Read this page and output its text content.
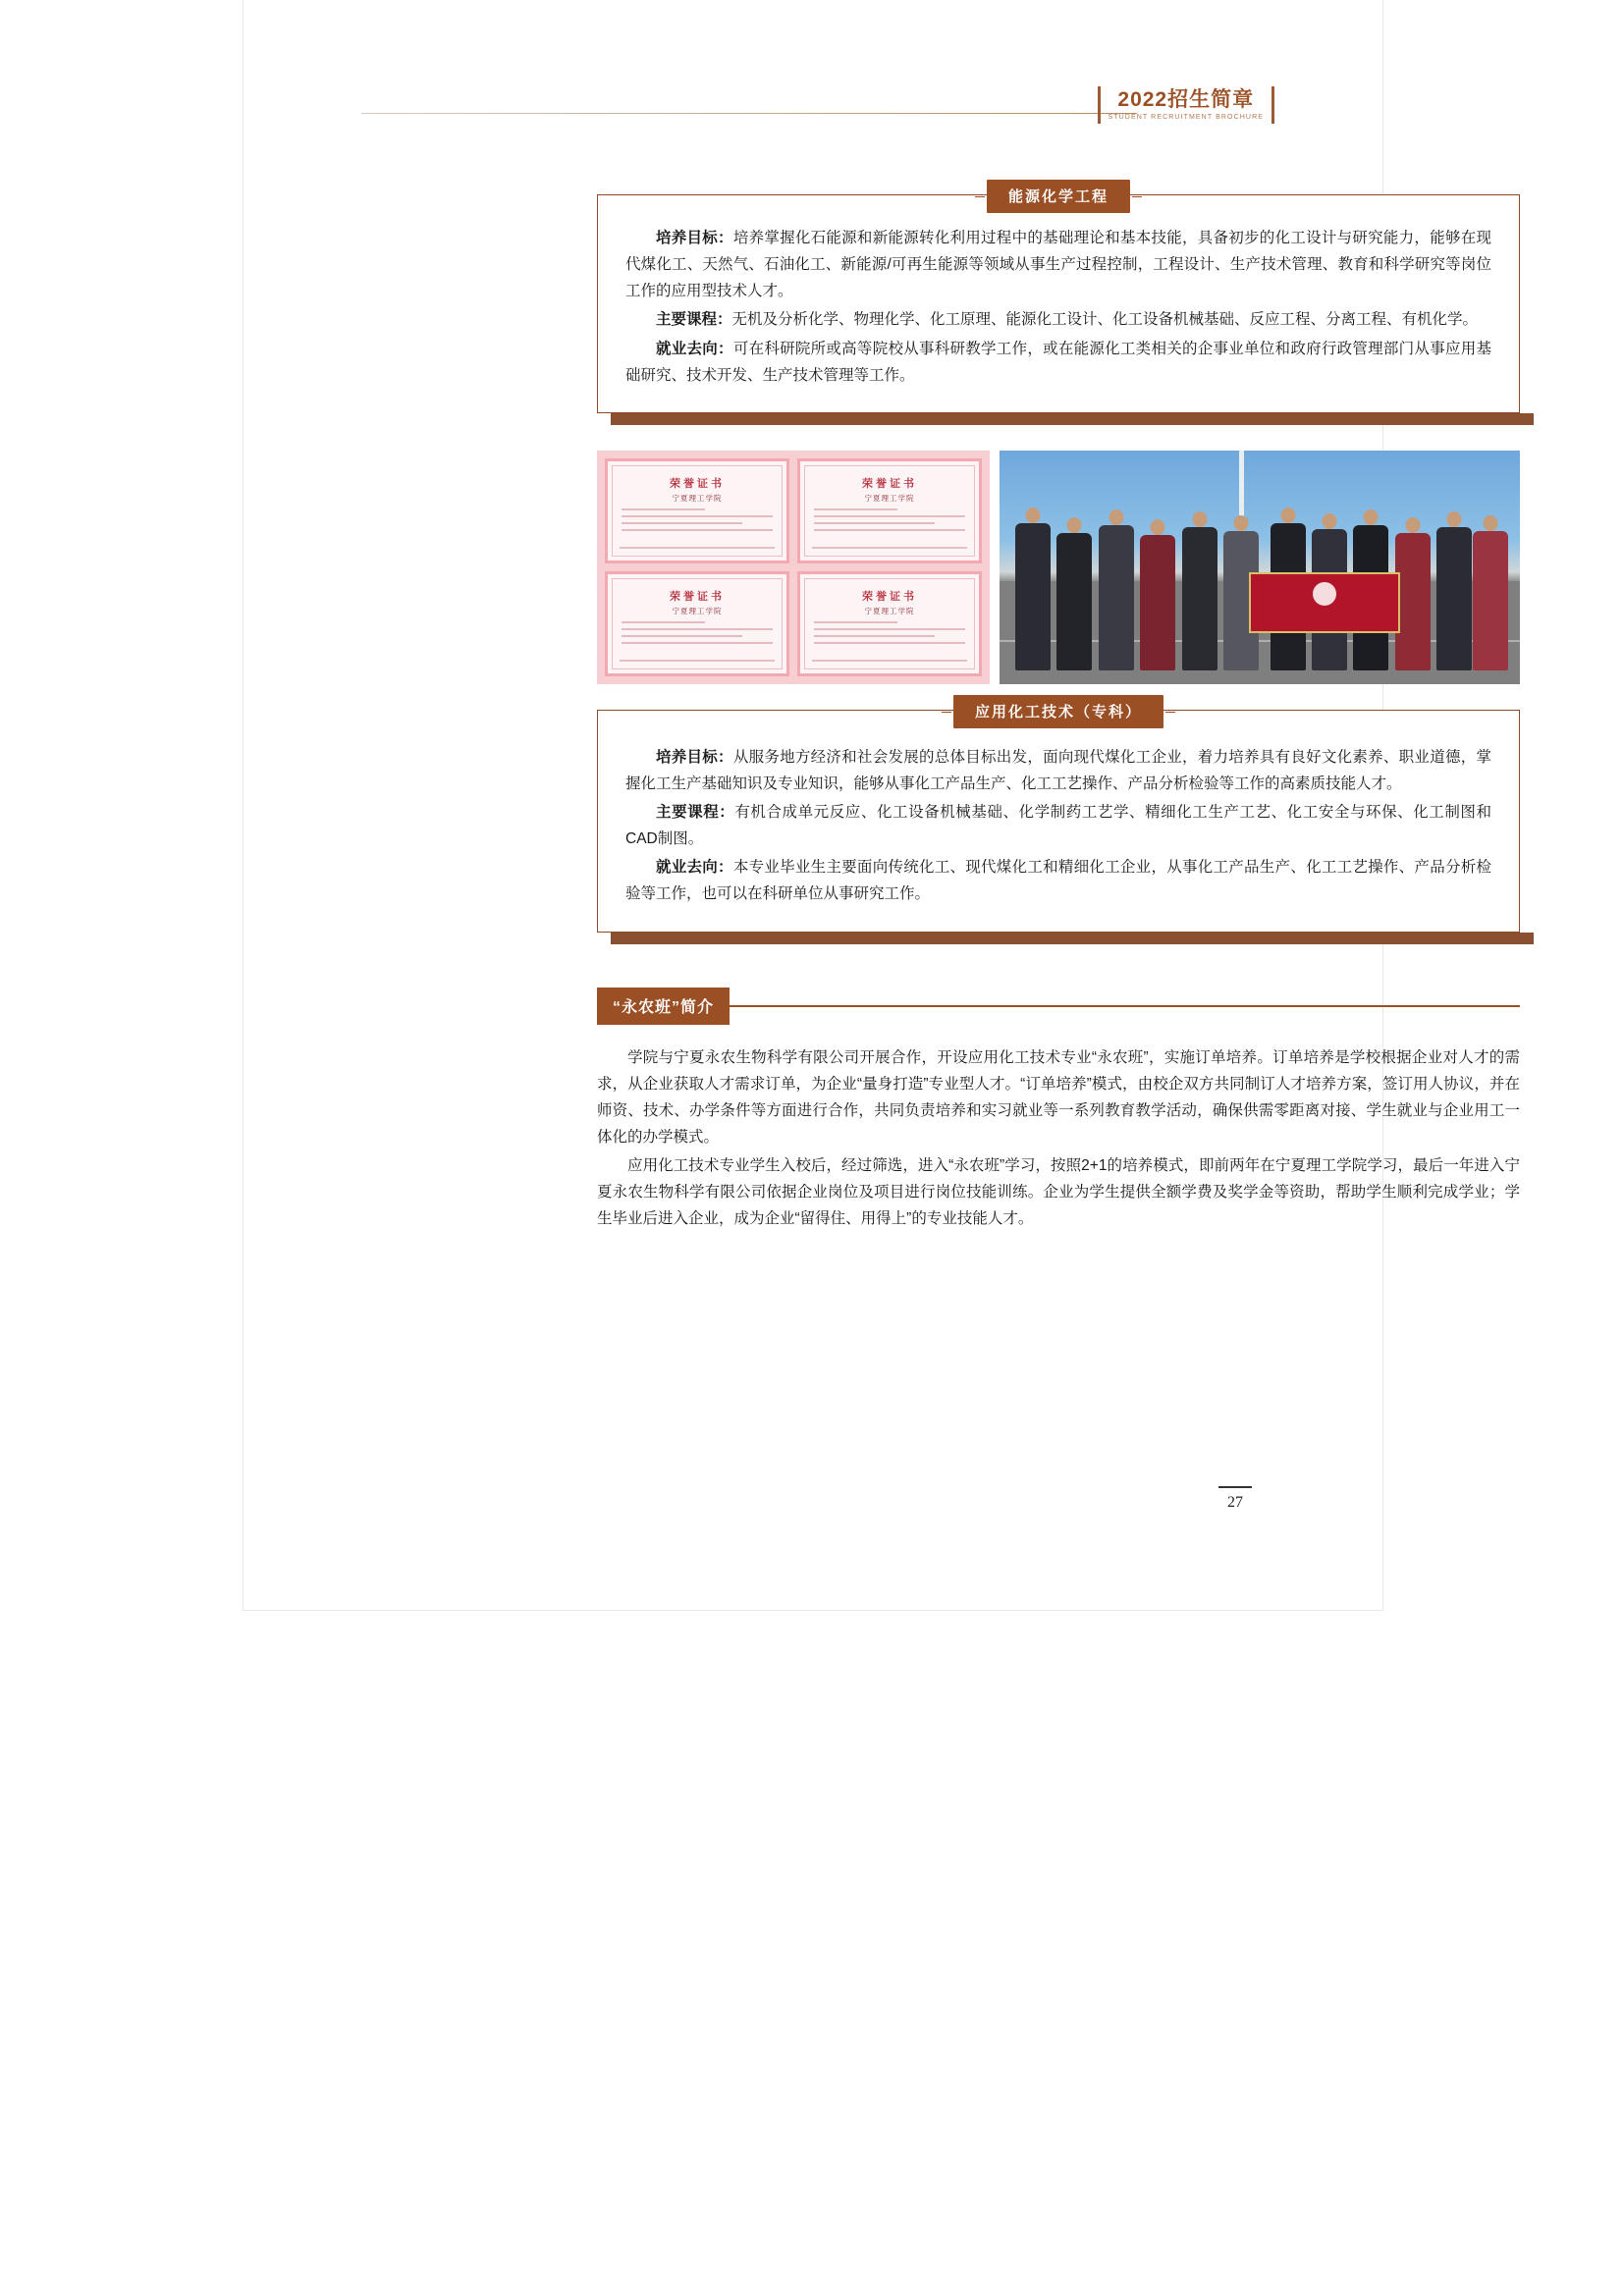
2022招生简章
STUDENT RECRUITMENT BROCHURE
能源化学工程

培养目标：培养掌握化石能源和新能源转化利用过程中的基础理论和基本技能，具备初步的化工设计与研究能力，能够在现代煤化工、天然气、石油化工、新能源/可再生能源等领域从事生产过程控制，工程设计、生产技术管理、教育和科学研究等岗位工作的应用型技术人才。

主要课程：无机及分析化学、物理化学、化工原理、能源化工设计、化工设备机械基础、反应工程、分离工程、有机化学。

就业去向：可在科研院所或高等院校从事科研教学工作，或在能源化工类相关的企事业单位和政府行政管理部门从事应用基础研究、技术开发、生产技术管理等工作。

荣誉证书
宁夏理工学院
荣誉证书
宁夏理工学院
荣誉证书
宁夏理工学院
荣誉证书
宁夏理工学院
应用化工技术（专科）

培养目标：从服务地方经济和社会发展的总体目标出发，面向现代煤化工企业，着力培养具有良好文化素养、职业道德，掌握化工生产基础知识及专业知识，能够从事化工产品生产、化工工艺操作、产品分析检验等工作的高素质技能人才。

主要课程：有机合成单元反应、化工设备机械基础、化学制药工艺学、精细化工生产工艺、化工安全与环保、化工制图和CAD制图。

就业去向：本专业毕业生主要面向传统化工、现代煤化工和精细化工企业，从事化工产品生产、化工工艺操作、产品分析检验等工作，也可以在科研单位从事研究工作。

“永农班”简介

学院与宁夏永农生物科学有限公司开展合作，开设应用化工技术专业“永农班”，实施订单培养。订单培养是学校根据企业对人才的需求，从企业获取人才需求订单，为企业“量身打造”专业型人才。“订单培养”模式，由校企双方共同制订人才培养方案，签订用人协议，并在师资、技术、办学条件等方面进行合作，共同负责培养和实习就业等一系列教育教学活动，确保供需零距离对接、学生就业与企业用工一体化的办学模式。

应用化工技术专业学生入校后，经过筛选，进入“永农班”学习，按照2+1的培养模式，即前两年在宁夏理工学院学习，最后一年进入宁夏永农生物科学有限公司依据企业岗位及项目进行岗位技能训练。企业为学生提供全额学费及奖学金等资助，帮助学生顺利完成学业；学生毕业后进入企业，成为企业“留得住、用得上”的专业技能人才。

27
